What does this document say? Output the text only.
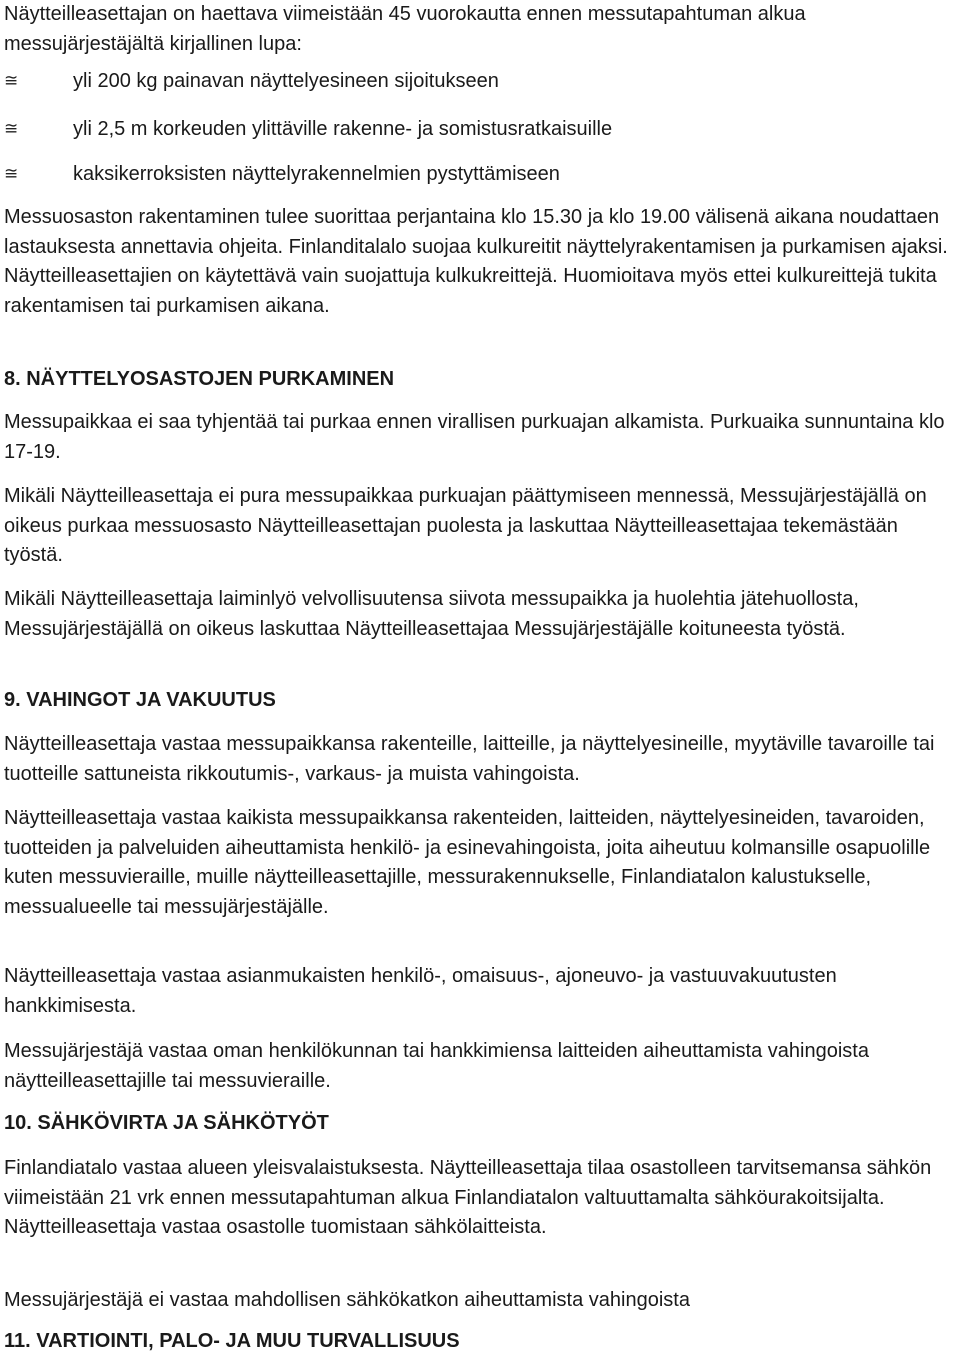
Näytteilleasettajan on haettava viimeistään 45 vuorokautta ennen messutapahtuman alkua messujärjestäjältä kirjallinen lupa:

≅	yli 200 kg painavan näyttelyesineen sijoitukseen
≅	yli 2,5 m korkeuden ylittäville rakenne- ja somistusratkaisuille
≅	kaksikerroksisten näyttelyrakennelmien pystyttämiseen

Messuosaston rakentaminen tulee suorittaa perjantaina klo 15.30 ja klo 19.00 välisenä aikana noudattaen lastauksesta annettavia ohjeita. Finlanditalalo suojaa kulkureitit näyttelyrakentamisen ja purkamisen ajaksi. Näytteilleasettajien on käytettävä vain suojattuja kulkukreittejä. Huomioitava myös ettei kulkureittejä tukita rakentamisen tai purkamisen aikana.

8. NÄYTTELYOSASTOJEN PURKAMINEN

Messupaikkaa ei saa tyhjentää tai purkaa ennen virallisen purkuajan alkamista. Purkuaika sunnuntaina klo 17-19.

Mikäli Näytteilleasettaja ei pura messupaikkaa purkuajan päättymiseen mennessä, Messujärjestäjällä on oikeus purkaa messuosasto Näytteilleasettajan puolesta ja laskuttaa Näytteilleasettajaa tekemästään työstä.

Mikäli Näytteilleasettaja laiminlyö velvollisuutensa siivota messupaikka ja huolehtia jätehuollosta, Messujärjestäjällä on oikeus laskuttaa Näytteilleasettajaa Messujärjestäjälle koituneesta työstä.

9. VAHINGOT JA VAKUUTUS

Näytteilleasettaja vastaa messupaikkansa rakenteille, laitteille, ja näyttelyesineille, myytäville tavaroille tai tuotteille sattuneista rikkoutumis-, varkaus- ja muista vahingoista.

Näytteilleasettaja vastaa kaikista messupaikkansa rakenteiden, laitteiden, näyttelyesineiden, tavaroiden, tuotteiden ja palveluiden aiheuttamista henkilö- ja esinevahingoista, joita aiheutuu kolmansille osapuolille kuten messuvieraille, muille näytteilleasettajille, messurakennukselle, Finlandiatalon kalustukselle, messualueelle tai messujärjestäjälle.

Näytteilleasettaja vastaa asianmukaisten henkilö-, omaisuus-, ajoneuvo- ja vastuuvakuutusten hankkimisesta.

Messujärjestäjä vastaa oman henkilökunnan tai hankkimiensa laitteiden aiheuttamista vahingoista näytteilleasettajille tai messuvieraille.

10. SÄHKÖVIRTA JA SÄHKÖTYÖT

Finlandiatalo vastaa alueen yleisvalaistuksesta. Näytteilleasettaja tilaa osastolleen tarvitsemansa sähkön viimeistään 21 vrk ennen messutapahtuman alkua Finlandiatalon valtuuttamalta sähköurakoitsijalta. Näytteilleasettaja vastaa osastolle tuomistaan sähkölaitteista.

Messujärjestäjä ei vastaa mahdollisen sähkökatkon aiheuttamista vahingoista

11. VARTIOINTI, PALO- JA MUU TURVALLISUUS
